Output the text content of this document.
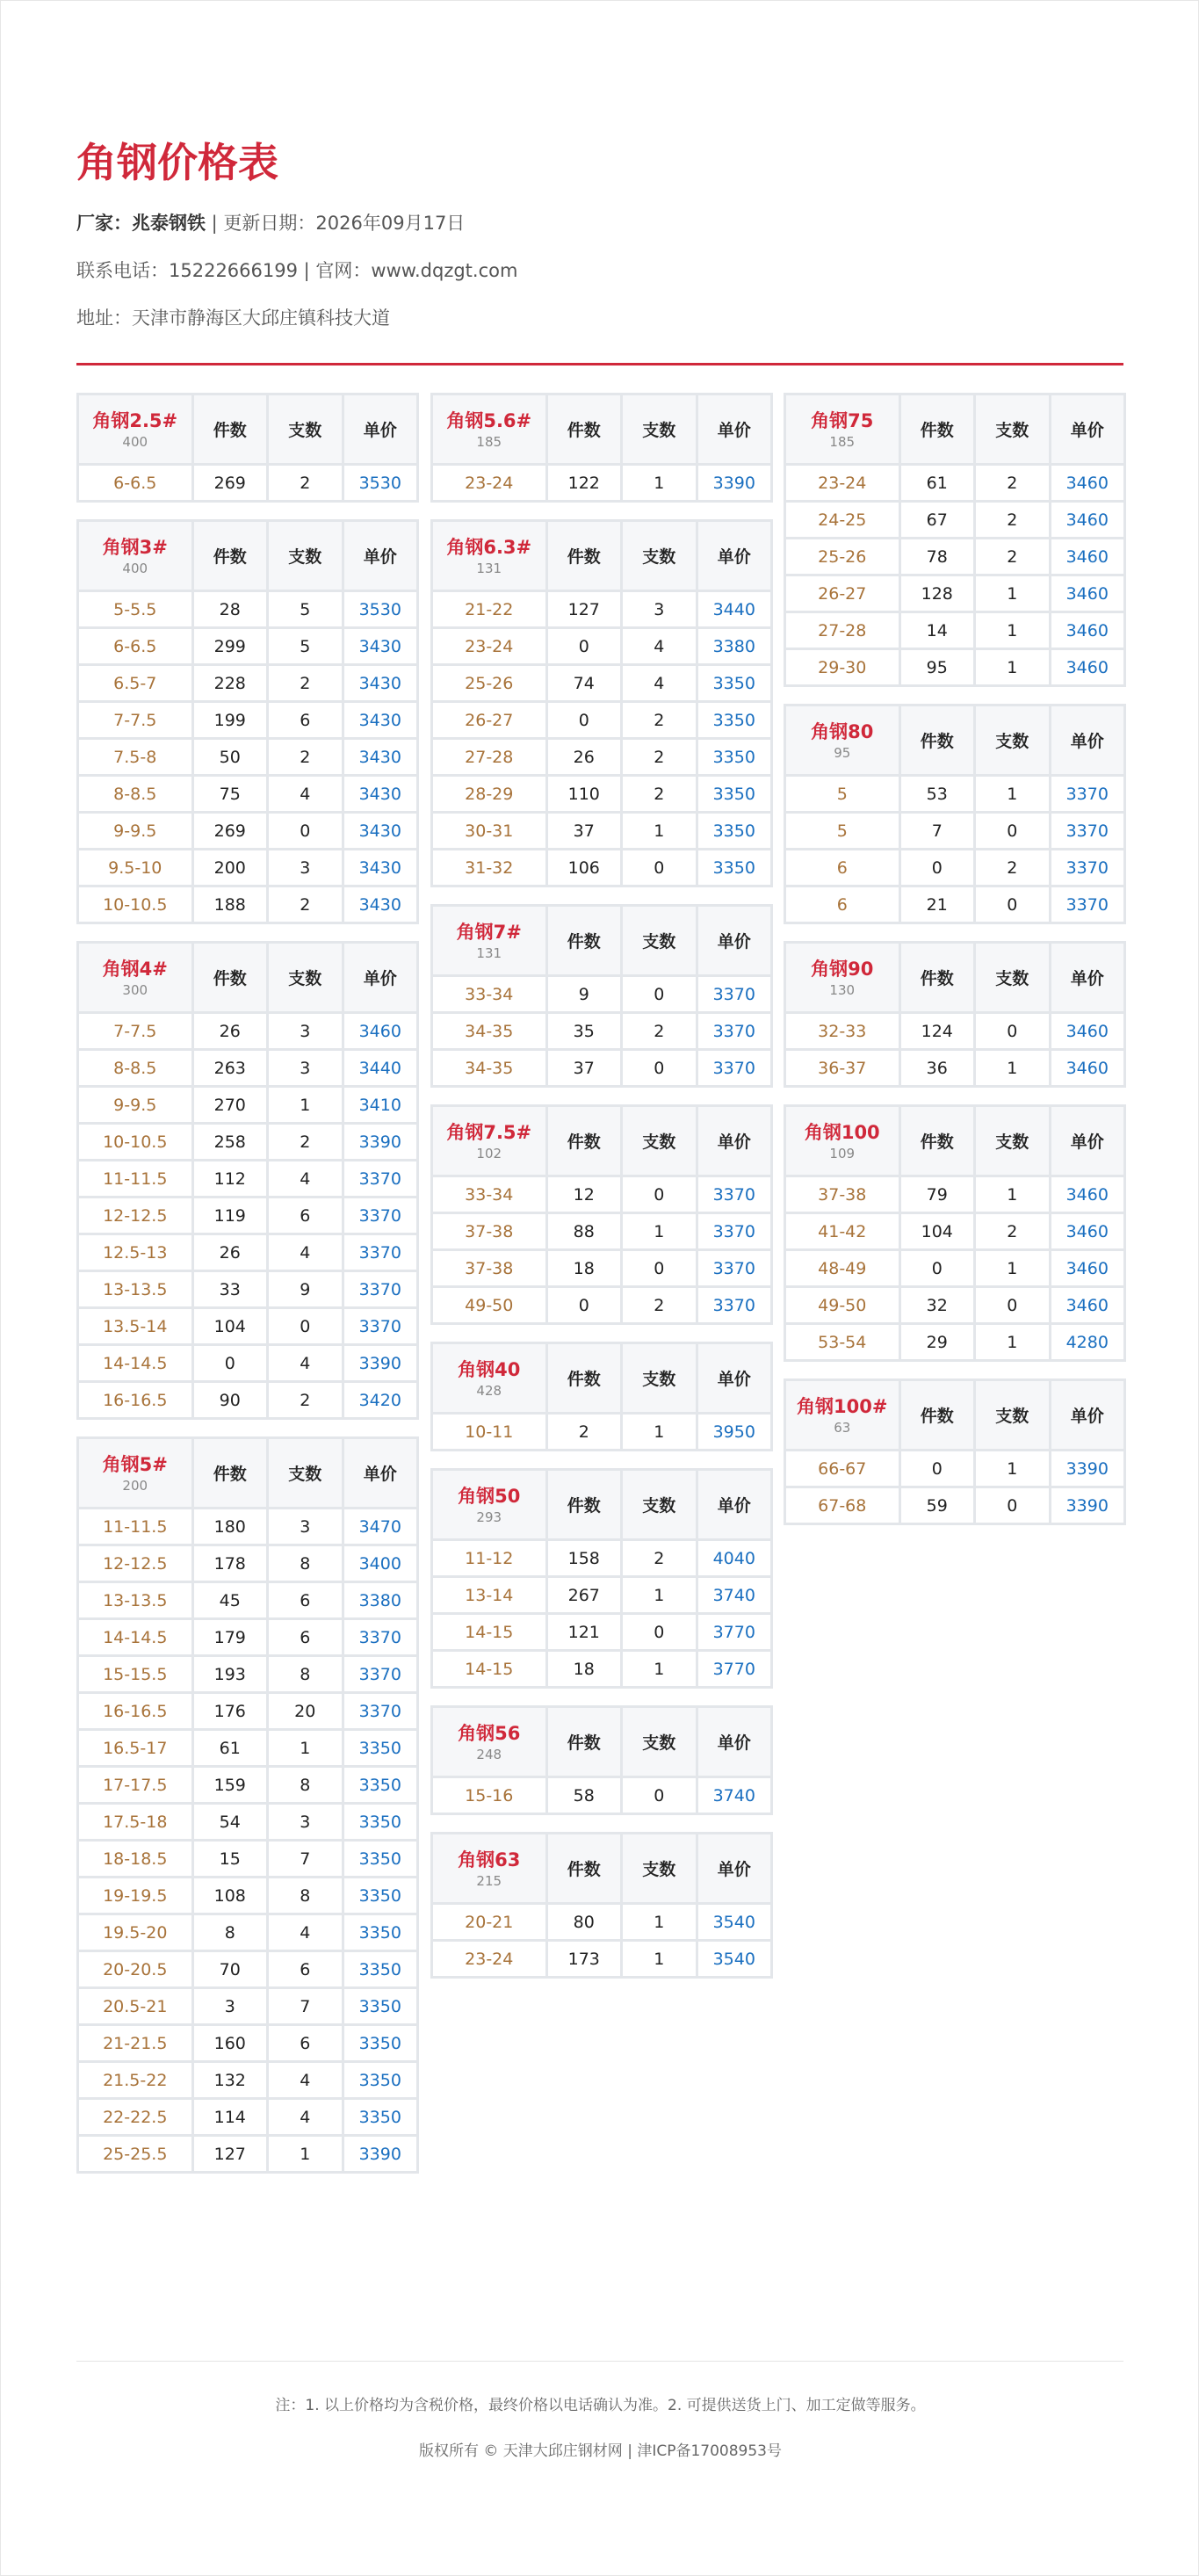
角钢价格表
厂家：兆泰钢铁 | 更新日期：2026年09月17日
联系电话：15222666199 | 官网：www.dqzgt.com
地址：天津市静海区大邱庄镇科技大道
角钢2.5#
400	件数	支数	单价
6-6.5	269	2	3530
角钢3#
400	件数	支数	单价
5-5.5	28	5	3530
6-6.5	299	5	3430
6.5-7	228	2	3430
7-7.5	199	6	3430
7.5-8	50	2	3430
8-8.5	75	4	3430
9-9.5	269	0	3430
9.5-10	200	3	3430
10-10.5	188	2	3430
角钢4#
300	件数	支数	单价
7-7.5	26	3	3460
8-8.5	263	3	3440
9-9.5	270	1	3410
10-10.5	258	2	3390
11-11.5	112	4	3370
12-12.5	119	6	3370
12.5-13	26	4	3370
13-13.5	33	9	3370
13.5-14	104	0	3370
14-14.5	0	4	3390
16-16.5	90	2	3420
角钢5#
200	件数	支数	单价
11-11.5	180	3	3470
12-12.5	178	8	3400
13-13.5	45	6	3380
14-14.5	179	6	3370
15-15.5	193	8	3370
16-16.5	176	20	3370
16.5-17	61	1	3350
17-17.5	159	8	3350
17.5-18	54	3	3350
18-18.5	15	7	3350
19-19.5	108	8	3350
19.5-20	8	4	3350
20-20.5	70	6	3350
20.5-21	3	7	3350
21-21.5	160	6	3350
21.5-22	132	4	3350
22-22.5	114	4	3350
25-25.5	127	1	3390
角钢5.6#
185	件数	支数	单价
23-24	122	1	3390
角钢6.3#
131	件数	支数	单价
21-22	127	3	3440
23-24	0	4	3380
25-26	74	4	3350
26-27	0	2	3350
27-28	26	2	3350
28-29	110	2	3350
30-31	37	1	3350
31-32	106	0	3350
角钢7#
131	件数	支数	单价
33-34	9	0	3370
34-35	35	2	3370
34-35	37	0	3370
角钢7.5#
102	件数	支数	单价
33-34	12	0	3370
37-38	88	1	3370
37-38	18	0	3370
49-50	0	2	3370
角钢40
428	件数	支数	单价
10-11	2	1	3950
角钢50
293	件数	支数	单价
11-12	158	2	4040
13-14	267	1	3740
14-15	121	0	3770
14-15	18	1	3770
角钢56
248	件数	支数	单价
15-16	58	0	3740
角钢63
215	件数	支数	单价
20-21	80	1	3540
23-24	173	1	3540
角钢75
185	件数	支数	单价
23-24	61	2	3460
24-25	67	2	3460
25-26	78	2	3460
26-27	128	1	3460
27-28	14	1	3460
29-30	95	1	3460
角钢80
95	件数	支数	单价
5	53	1	3370
5	7	0	3370
6	0	2	3370
6	21	0	3370
角钢90
130	件数	支数	单价
32-33	124	0	3460
36-37	36	1	3460
角钢100
109	件数	支数	单价
37-38	79	1	3460
41-42	104	2	3460
48-49	0	1	3460
49-50	32	0	3460
53-54	29	1	4280
角钢100#
63	件数	支数	单价
66-67	0	1	3390
67-68	59	0	3390
注：1. 以上价格均为含税价格，最终价格以电话确认为准。2. 可提供送货上门、加工定做等服务。
版权所有 © 天津大邱庄钢材网 | 津ICP备17008953号
